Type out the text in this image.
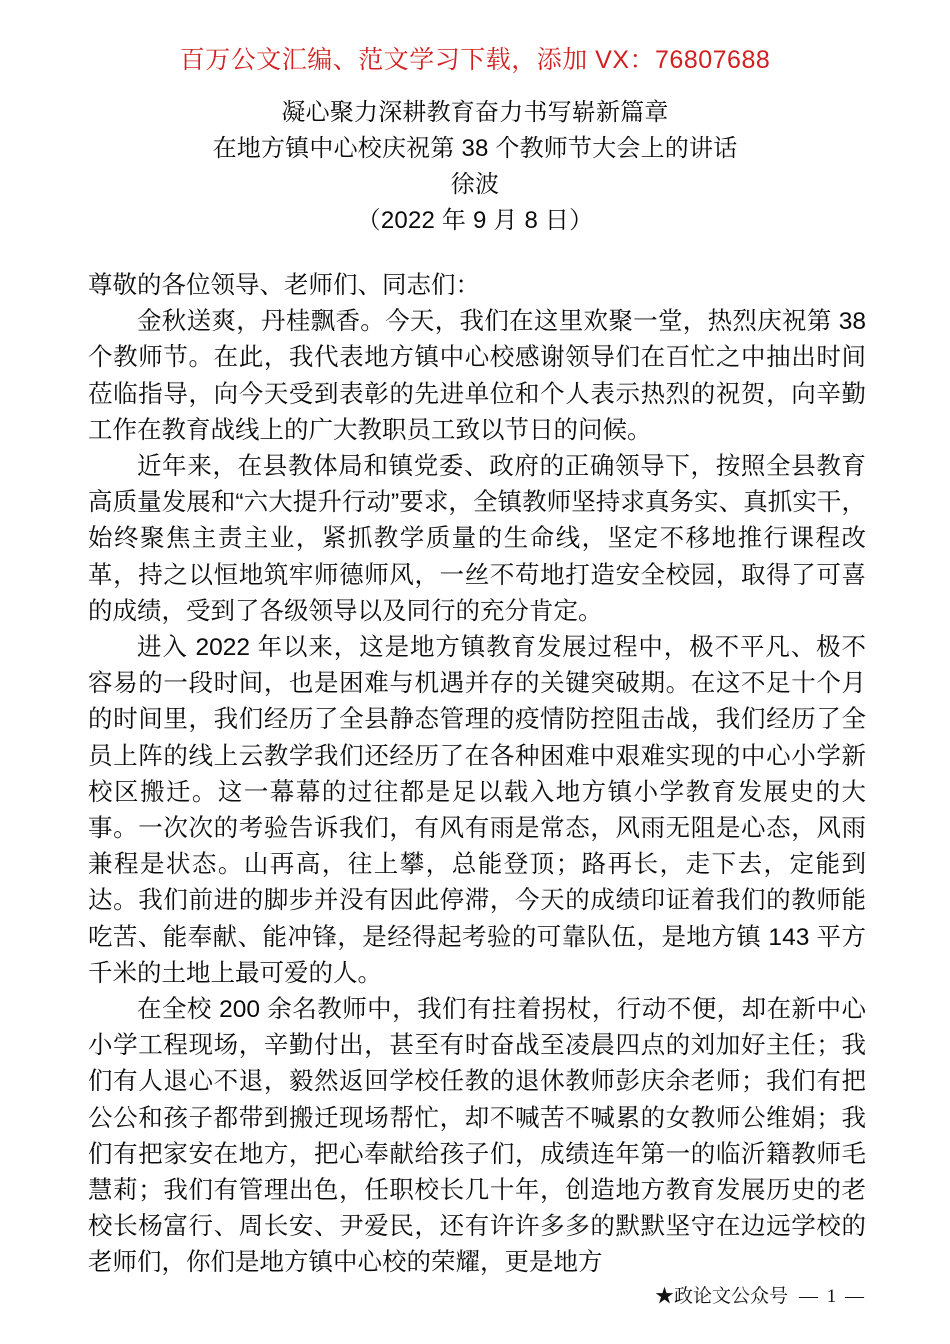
百万公文汇编、范文学习下载，添加 VX：76807688
凝心聚力深耕教育奋力书写崭新篇章
在地方镇中心校庆祝第 38 个教师节大会上的讲话
徐波
（2022 年 9 月 8 日）

尊敬的各位领导、老师们、同志们：

金秋送爽，丹桂飘香。今天，我们在这里欢聚一堂，热烈庆祝第 38 个教师节。在此，我代表地方镇中心校感谢领导们在百忙之中抽出时间莅临指导，向今天受到表彰的先进单位和个人表示热烈的祝贺，向辛勤工作在教育战线上的广大教职员工致以节日的问候。

近年来，在县教体局和镇党委、政府的正确领导下，按照全县教育高质量发展和“六大提升行动”要求，全镇教师坚持求真务实、真抓实干，始终聚焦主责主业，紧抓教学质量的生命线，坚定不移地推行课程改革，持之以恒地筑牢师德师风，一丝不苟地打造安全校园，取得了可喜的成绩，受到了各级领导以及同行的充分肯定。

进入 2022 年以来，这是地方镇教育发展过程中，极不平凡、极不容易的一段时间，也是困难与机遇并存的关键突破期。在这不足十个月的时间里，我们经历了全县静态管理的疫情防控阻击战，我们经历了全员上阵的线上云教学我们还经历了在各种困难中艰难实现的中心小学新校区搬迁。这一幕幕的过往都是足以载入地方镇小学教育发展史的大事。一次次的考验告诉我们，有风有雨是常态，风雨无阻是心态，风雨兼程是状态。山再高，往上攀，总能登顶；路再长，走下去，定能到达。我们前进的脚步并没有因此停滞，今天的成绩印证着我们的教师能吃苦、能奉献、能冲锋，是经得起考验的可靠队伍，是地方镇 143 平方千米的土地上最可爱的人。

在全校 200 余名教师中，我们有拄着拐杖，行动不便，却在新中心小学工程现场，辛勤付出，甚至有时奋战至凌晨四点的刘加好主任；我们有人退心不退，毅然返回学校任教的退休教师彭庆余老师；我们有把公公和孩子都带到搬迁现场帮忙，却不喊苦不喊累的女教师公维娟；我们有把家安在地方，把心奉献给孩子们，成绩连年第一的临沂籍教师毛慧莉；我们有管理出色，任职校长几十年，创造地方教育发展历史的老校长杨富行、周长安、尹爱民，还有许许多多的默默坚守在边远学校的老师们，你们是地方镇中心校的荣耀，更是地方

★政论文公众号 — 1 —
